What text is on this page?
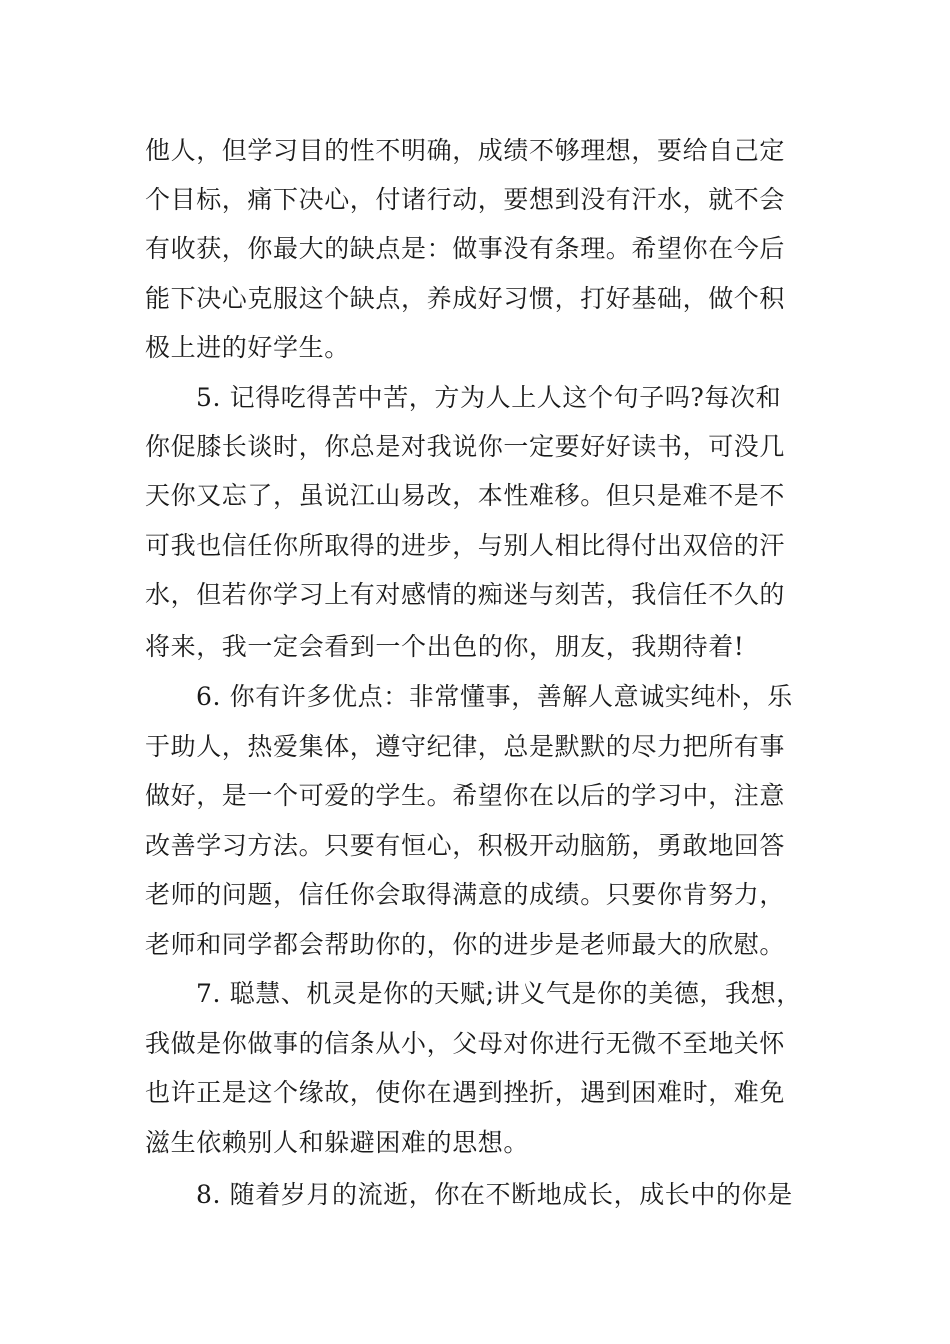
他人，但学习目的性不明确，成绩不够理想，要给自己定
个目标，痛下决心，付诸行动，要想到没有汗水，就不会
有收获，你最大的缺点是：做事没有条理。希望你在今后
能下决心克服这个缺点，养成好习惯，打好基础，做个积
极上进的好学生。
5. 记得吃得苦中苦，方为人上人这个句子吗?每次和
你促膝长谈时，你总是对我说你一定要好好读书，可没几
天你又忘了，虽说江山易改，本性难移。但只是难不是不
可我也信任你所取得的进步，与别人相比得付出双倍的汗
水，但若你学习上有对感情的痴迷与刻苦，我信任不久的
将来，我一定会看到一个出色的你，朋友，我期待着!
6. 你有许多优点：非常懂事，善解人意诚实纯朴，乐
于助人，热爱集体，遵守纪律，总是默默的尽力把所有事
做好，是一个可爱的学生。希望你在以后的学习中，注意
改善学习方法。只要有恒心，积极开动脑筋，勇敢地回答
老师的问题，信任你会取得满意的成绩。只要你肯努力，
老师和同学都会帮助你的，你的进步是老师最大的欣慰。
7. 聪慧、机灵是你的天赋;讲义气是你的美德，我想，
我做是你做事的信条从小，父母对你进行无微不至地关怀
也许正是这个缘故，使你在遇到挫折，遇到困难时，难免
滋生依赖别人和躲避困难的思想。
8. 随着岁月的流逝，你在不断地成长，成长中的你是
